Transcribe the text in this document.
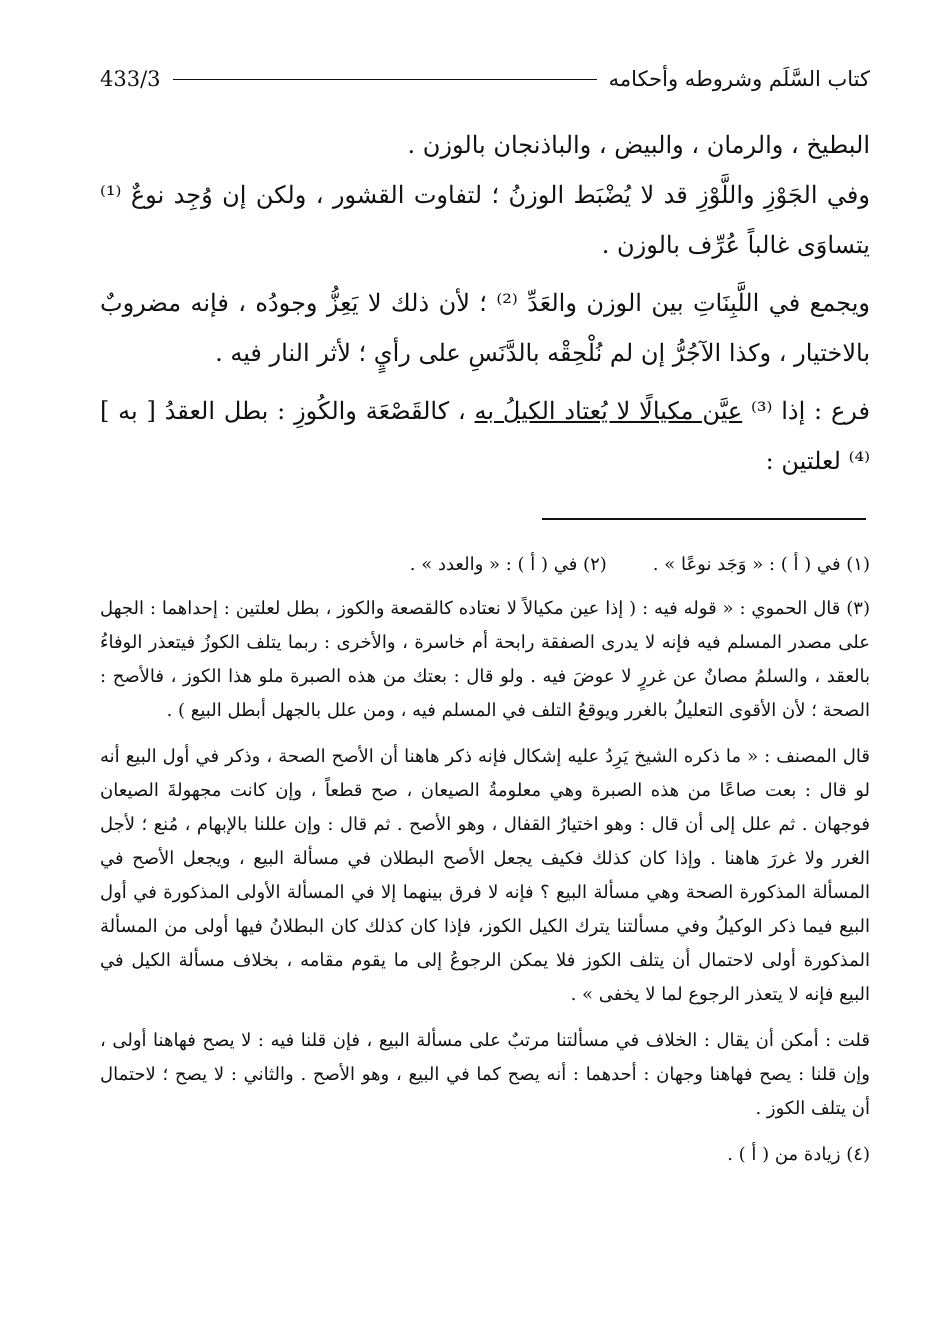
كتاب السَّلَم وشروطه وأحكامه
433/3

البطيخ ، والرمان ، والبيض ، والباذنجان بالوزن .

وفي الجَوْزِ واللَّوْزِ قد لا يُضْبَط الوزنُ ؛ لتفاوت القشور ، ولكن إن وُجِد نوعٌ ⁽¹⁾ يتساوَى غالباً عُرِّف بالوزن .

ويجمع في اللَّبِنَاتِ بين الوزن والعَدِّ ⁽²⁾ ؛ لأن ذلك لا يَعِزُّ وجودُه ، فإنه مضروبٌ بالاختيار ، وكذا الآجُرُّ إن لم نُلْحِقْه بالدَّنَسِ على رأيٍ ؛ لأثر النار فيه .

فرع : إذا ⁽³⁾ عيَّن مكيالًا لا يُعتاد الكيلُ به ، كالقَصْعَة والكُوزِ : بطل العقدُ [ به ] ⁽⁴⁾ لعلتين :

(١) في ( أ ) : « وَجَد نوعًا » .
(٢) في ( أ ) : « والعدد » .

(٣) قال الحموي : « قوله فيه : ( إذا عين مكيالاً لا نعتاده كالقصعة والكوز ، بطل لعلتين : إحداهما : الجهل على مصدر المسلم فيه فإنه لا يدرى الصفقة رابحة أم خاسرة ، والأخرى : ربما يتلف الكوزُ فيتعذر الوفاءُ بالعقد ، والسلمُ مصانٌ عن غررٍ لا عوضَ فيه . ولو قال : بعتك من هذه الصبرة ملو هذا الكوز ، فالأصح : الصحة ؛ لأن الأقوى التعليلُ بالغرر ويوقعُ التلف في المسلم فيه ، ومن علل بالجهل أبطل البيع ) .

قال المصنف : « ما ذكره الشيخ يَرِدُ عليه إشكال فإنه ذكر هاهنا أن الأصح الصحة ، وذكر في أول البيع أنه لو قال : بعت صاعًا من هذه الصبرة وهي معلومةُ الصيعان ، صح قطعاً ، وإن كانت مجهولةَ الصيعان فوجهان . ثم علل إلى أن قال : وهو اختيارُ القفال ، وهو الأصح . ثم قال : وإن عللنا بالإبهام ، مُنع ؛ لأجل الغرر ولا غررَ هاهنا . وإذا كان كذلك فكيف يجعل الأصح البطلان في مسألة البيع ، ويجعل الأصح في المسألة المذكورة الصحة وهي مسألة البيع ؟ فإنه لا فرق بينهما إلا في المسألة الأولى المذكورة في أول البيع فيما ذكر الوكيلُ وفي مسألتنا يترك الكيل الكوز، فإذا كان كذلك كان البطلانُ فيها أولى من المسألة المذكورة أولى لاحتمال أن يتلف الكوز فلا يمكن الرجوعُ إلى ما يقوم مقامه ، بخلاف مسألة الكيل في البيع فإنه لا يتعذر الرجوع لما لا يخفى » .

قلت : أمكن أن يقال : الخلاف في مسألتنا مرتبٌ على مسألة البيع ، فإن قلنا فيه : لا يصح فهاهنا أولى ، وإن قلنا : يصح فهاهنا وجهان : أحدهما : أنه يصح كما في البيع ، وهو الأصح . والثاني : لا يصح ؛ لاحتمال أن يتلف الكوز .

(٤) زيادة من ( أ ) .
